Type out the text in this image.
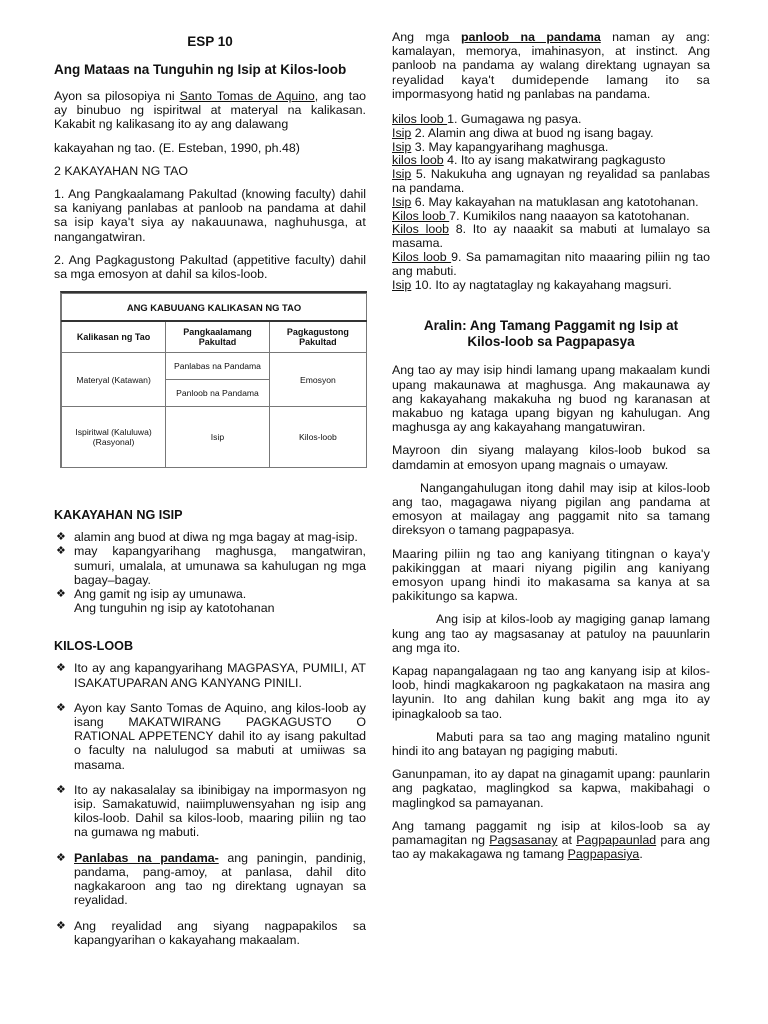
ESP 10
Ang Mataas na Tunguhin ng Isip at Kilos-loob

Ayon sa pilosopiya ni Santo Tomas de Aquino, ang tao ay binubuo ng ispiritwal at materyal na kalikasan. Kakabit ng kalikasang ito ay ang dalawang

kakayahan ng tao. (E. Esteban, 1990, ph.48)

2 KAKAYAHAN NG TAO

1. Ang Pangkaalamang Pakultad (knowing faculty) dahil sa kaniyang panlabas at panloob na pandama at dahil sa isip kaya't siya ay nakauunawa, naghuhusga, at nangangatwiran.

2. Ang Pagkagustong Pakultad (appetitive faculty) dahil sa mga emosyon at dahil sa kilos-loob.

ANG KABUUANG KALIKASAN NG TAO		
Kalikasan ng Tao	Pangkaalamang Pakultad	Pagkagustong Pakultad
Materyal (Katawan)	Panlabas na Pandama	Emosyon
	Panloob na Pandama	
Ispiritwal (Kaluluwa) (Rasyonal)	Isip	Kilos-loob
KAKAYAHAN NG ISIP
❖ alamin ang buod at diwa ng mga bagay at mag-isip.
❖ may kapangyarihang maghusga, mangatwiran, sumuri, umalala, at umunawa sa kahulugan ng mga bagay–bagay.
❖ Ang gamit ng isip ay umunawa.
Ang tunguhin ng isip ay katotohanan
KILOS-LOOB
❖ Ito ay ang kapangyarihang MAGPASYA, PUMILI, AT ISAKATUPARAN ANG KANYANG PINILI.
❖ Ayon kay Santo Tomas de Aquino, ang kilos-loob ay isang MAKATWIRANG PAGKAGUSTO O RATIONAL APPETENCY dahil ito ay isang pakultad o faculty na nalulugod sa mabuti at umiiwas sa masama.
❖ Ito ay nakasalalay sa ibinibigay na impormasyon ng isip. Samakatuwid, naiimpluwensyahan ng isip ang kilos-loob. Dahil sa kilos-loob, maaring piliin ng tao na gumawa ng mabuti.
❖ Panlabas na pandama- ang paningin, pandinig, pandama, pang-amoy, at panlasa, dahil dito nagkakaroon ang tao ng direktang ugnayan sa reyalidad.
❖ Ang reyalidad ang siyang nagpapakilos sa kapangyarihan o kakayahang makaalam.

Ang mga panloob na pandama naman ay ang: kamalayan, memorya, imahinasyon, at instinct. Ang panloob na pandama ay walang direktang ugnayan sa reyalidad kaya't dumidepende lamang ito sa impormasyong hatid ng panlabas na pandama.

kilos loob 1. Gumagawa ng pasya.
Isip 2. Alamin ang diwa at buod ng isang bagay.
Isip 3. May kapangyarihang maghusga.
kilos loob 4. Ito ay isang makatwirang pagkagusto
Isip 5. Nakukuha ang ugnayan ng reyalidad sa panlabas na pandama.
Isip 6. May kakayahan na matuklasan ang katotohanan.
Kilos loob 7. Kumikilos nang naaayon sa katotohanan.
Kilos loob 8. Ito ay naaakit sa mabuti at lumalayo sa masama.
Kilos loob 9. Sa pamamagitan nito maaaring piliin ng tao ang mabuti.
Isip 10. Ito ay nagtataglay ng kakayahang magsuri.
Aralin: Ang Tamang Paggamit ng Isip at Kilos-loob sa Pagpapasya

Ang tao ay may isip hindi lamang upang makaalam kundi upang makaunawa at maghusga. Ang makaunawa ay ang kakayahang makakuha ng buod ng karanasan at makabuo ng kataga upang bigyan ng kahulugan. Ang maghusga ay ang kakayahang mangatuwiran.

Mayroon din siyang malayang kilos-loob bukod sa damdamin at emosyon upang magnais o umayaw.

Nangangahulugan itong dahil may isip at kilos-loob ang tao, magagawa niyang pigilan ang pandama at emosyon at mailagay ang paggamit nito sa tamang direksyon o tamang pagpapasya.

Maaring piliin ng tao ang kaniyang titingnan o kaya'y pakikinggan at maari niyang pigilin ang kaniyang emosyon upang hindi ito makasama sa kanya at sa pakikitungo sa kapwa.

Ang isip at kilos-loob ay magiging ganap lamang kung ang tao ay magsasanay at patuloy na pauunlarin ang mga ito.

Kapag napangalagaan ng tao ang kanyang isip at kilos-loob, hindi magkakaroon ng pagkakataon na masira ang layunin. Ito ang dahilan kung bakit ang mga ito ay ipinagkaloob sa tao.

Mabuti para sa tao ang maging matalino ngunit hindi ito ang batayan ng pagiging mabuti.

Ganunpaman, ito ay dapat na ginagamit upang: paunlarin ang pagkatao, maglingkod sa kapwa, makibahagi o maglingkod sa pamayanan.

Ang tamang paggamit ng isip at kilos-loob sa ay pamamagitan ng Pagsasanay at Pagpapaunlad para ang tao ay makakagawa ng tamang Pagpapasiya.
